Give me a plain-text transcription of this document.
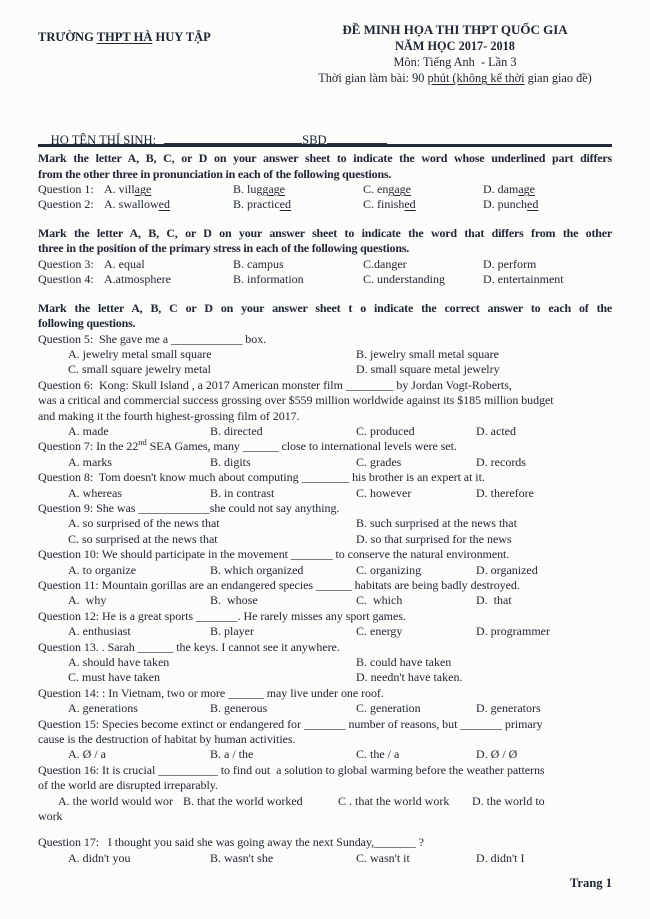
TRƯỜNG THPT HÀ HUY TẬP	ĐỀ MINH HỌA THI THPT QUỐC GIA

NĂM HỌC 2017- 2018

Môn: Tiếng Anh  - Lần 3

Thời gian làm bài: 90 phút (không kể thời gian giao đề)

HỌ TÊN THÍ SINH:	SBD

Mark the letter A, B, C, or D on your answer sheet to indicate the word whose underlined part differs

from the other three in pronunciation in each of the following questions.

Question 1: A. village	B. luggage	C. engage	D. damage
Question 2: A. swallowed	B. practiced	C. finished	D. punched

Mark the letter A, B, C, or D on your answer sheet to indicate the word that differs from the other

three in the position of the primary stress in each of the following questions.

Question 3: A. equal	B. campus	C.danger	D. perform
Question 4: A.atmosphere	B. information	C. understanding	D. entertainment

Mark the letter A, B, C or D on your answer sheet t o indicate the correct answer to each of the

following questions.

Question 5:  She gave me a ____________ box.

A. jewelry metal small square	B. jewelry small metal square
C. small square jewelry metal	D. small square metal jewelry

Question 6:  Kong: Skull Island , a 2017 American monster film ________ by Jordan Vogt-Roberts,

was a critical and commercial success grossing over $559 million worldwide against its $185 million budget

and making it the fourth highest-grossing film of 2017.

A. made	B. directed	C. produced	D. acted

Question 7: In the 22nd SEA Games, many ______ close to international levels were set.

A. marks	B. digits	C. grades	D. records

Question 8:  Tom doesn't know much about computing ________ his brother is an expert at it.

A. whereas	B. in contrast	C. however	D. therefore

Question 9: She was ____________she could not say anything.

A. so surprised of the news that	B. such surprised at the news that
C. so surprised at the news that	D. so that surprised for the news

Question 10: We should participate in the movement _______ to conserve the natural environment.

A. to organize	B. which organized	C. organizing	D. organized

Question 11: Mountain gorillas are an endangered species ______ habitats are being badly destroyed.

A.  why	B.  whose	C.  which	D.  that

Question 12: He is a great sports _______. He rarely misses any sport games.

A. enthusiast	B. player	C. energy	D. programmer

Question 13. . Sarah ______ the keys. I cannot see it anywhere.

A. should have taken	B. could have taken
C. must have taken	D. needn't have taken.

Question 14: : In Vietnam, two or more ______ may live under one roof.

A. generations	B. generous	C. generation	D. generators

Question 15: Species become extinct or endangered for _______ number of reasons, but _______ primary

cause is the destruction of habitat by human activities.

A. Ø / a	B. a / the	C. the / a	D. Ø / Ø

Question 16: It is crucial __________ to find out  a solution to global warming before the weather patterns

of the world are disrupted irreparably.

A. the world would wor B. that the world worked	C . that the world work D. the world to

work

Question 17:   I thought you said she was going away the next Sunday,_______ ?

A. didn't you	B. wasn't she	C. wasn't it	D. didn't I
Trang 1
